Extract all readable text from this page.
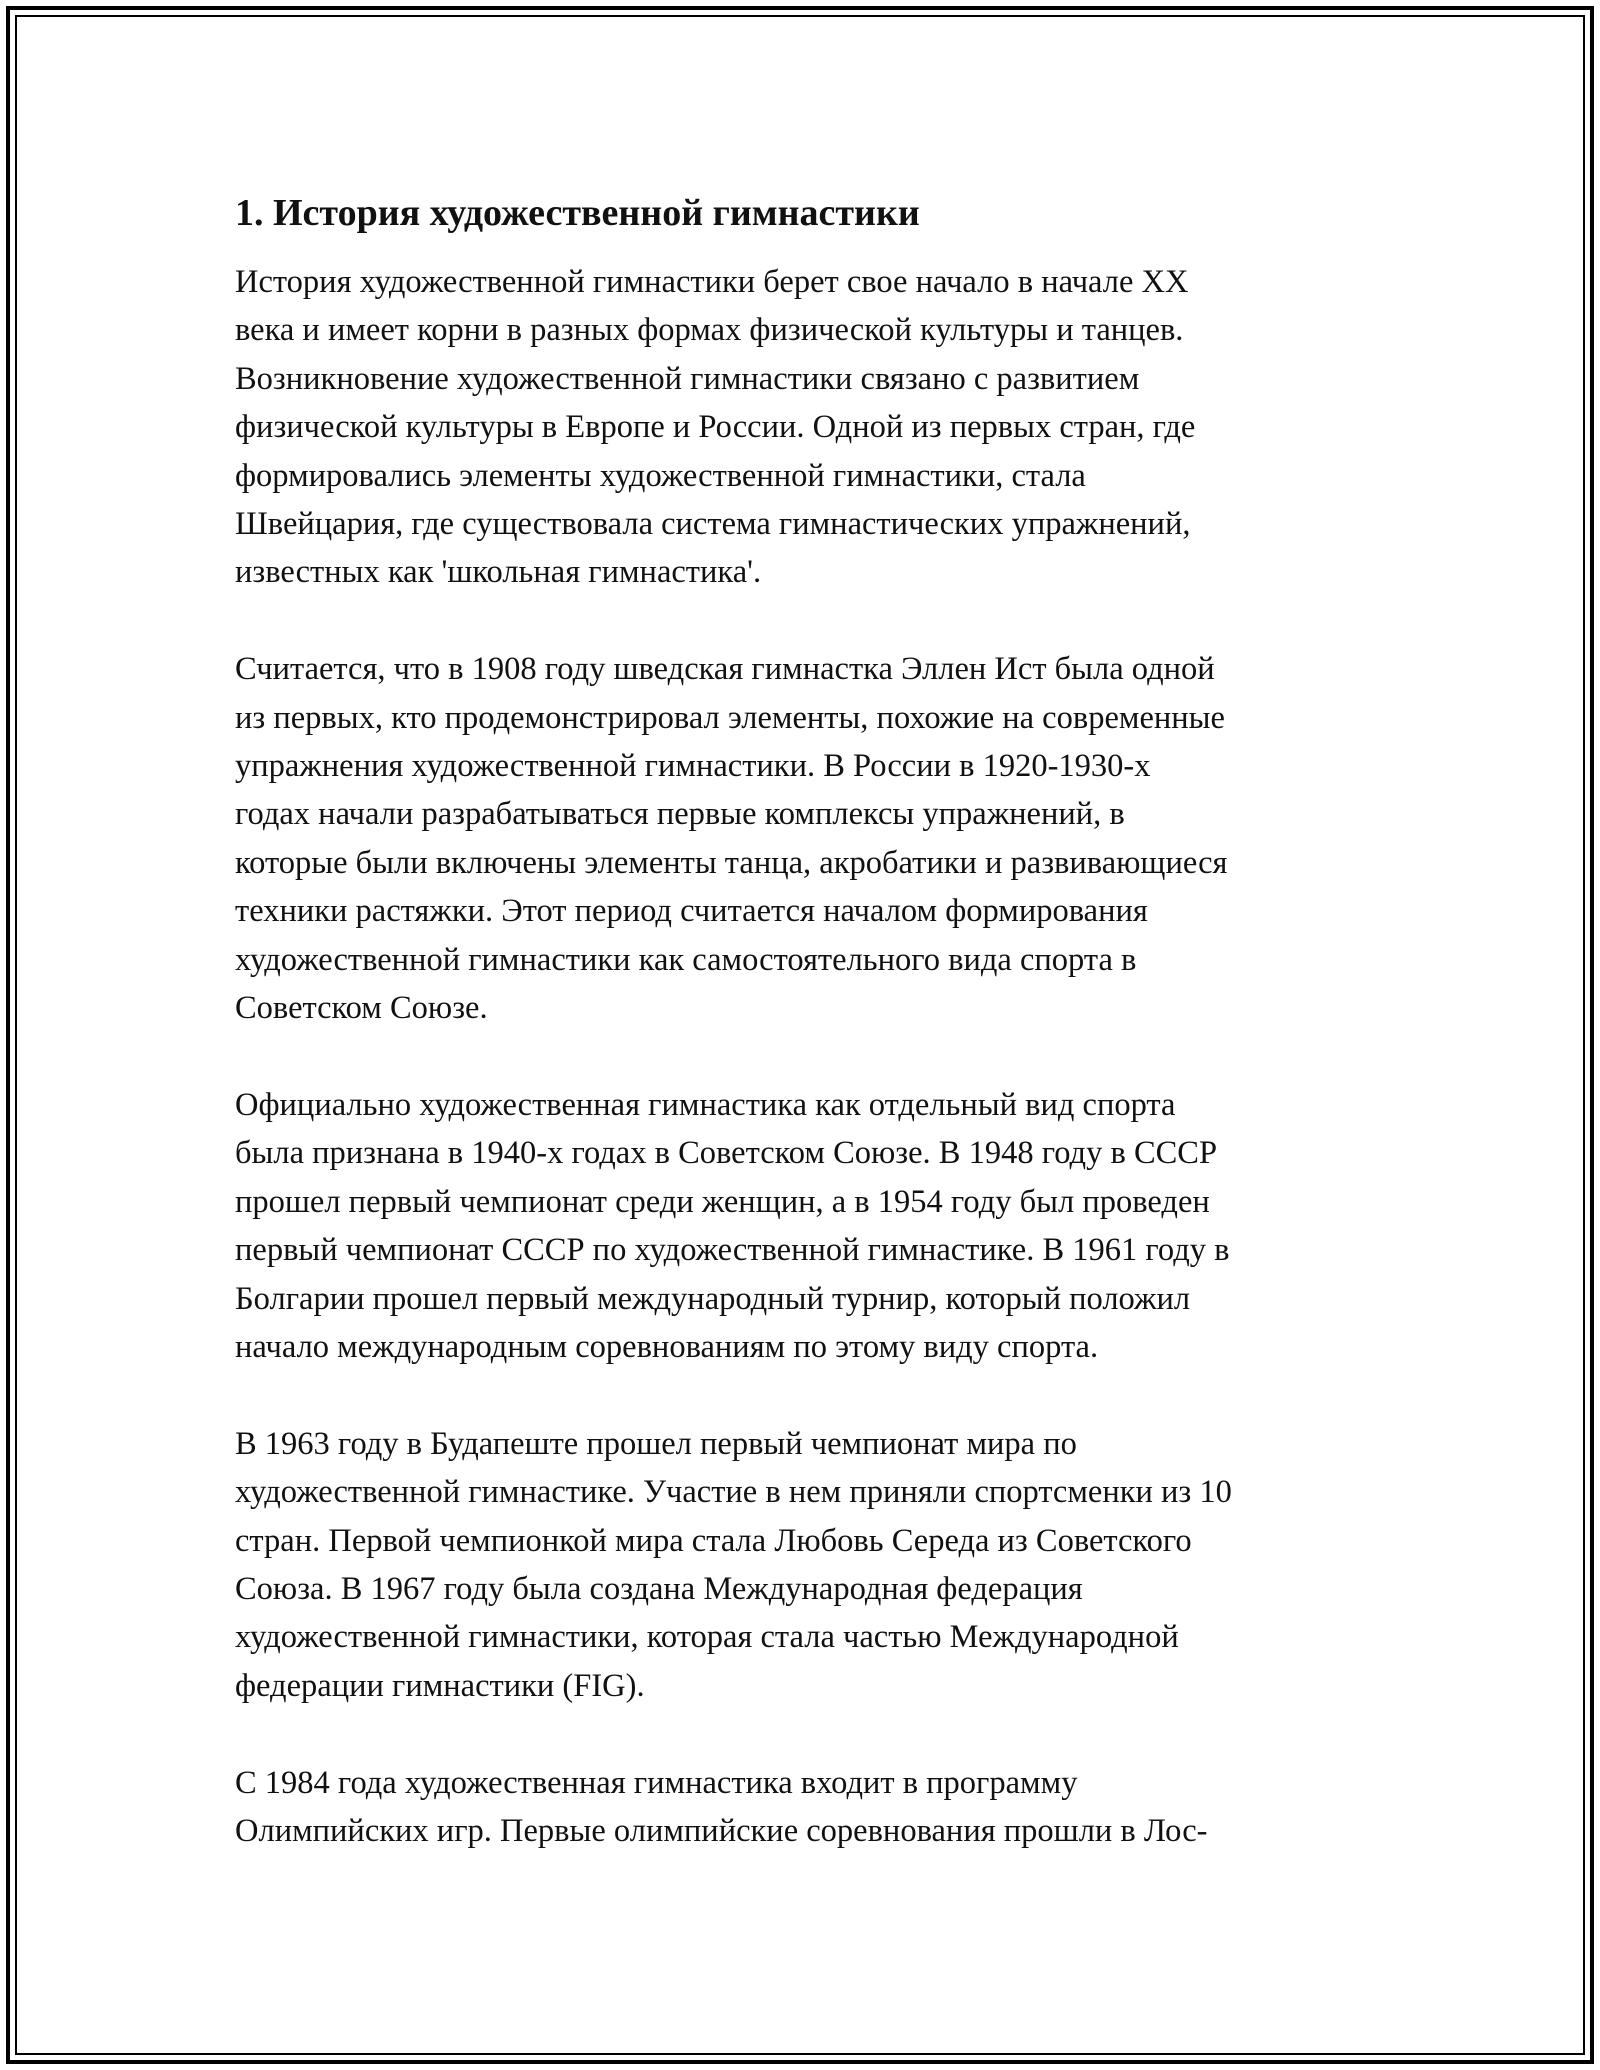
1. История художественной гимнастики

История художественной гимнастики берет свое начало в начале XX
века и имеет корни в разных формах физической культуры и танцев.
Возникновение художественной гимнастики связано с развитием
физической культуры в Европе и России. Одной из первых стран, где
формировались элементы художественной гимнастики, стала
Швейцария, где существовала система гимнастических упражнений,
известных как 'школьная гимнастика'.

Считается, что в 1908 году шведская гимнастка Эллен Ист была одной
из первых, кто продемонстрировал элементы, похожие на современные
упражнения художественной гимнастики. В России в 1920-1930-х
годах начали разрабатываться первые комплексы упражнений, в
которые были включены элементы танца, акробатики и развивающиеся
техники растяжки. Этот период считается началом формирования
художественной гимнастики как самостоятельного вида спорта в
Советском Союзе.

Официально художественная гимнастика как отдельный вид спорта
была признана в 1940-х годах в Советском Союзе. В 1948 году в СССР
прошел первый чемпионат среди женщин, а в 1954 году был проведен
первый чемпионат СССР по художественной гимнастике. В 1961 году в
Болгарии прошел первый международный турнир, который положил
начало международным соревнованиям по этому виду спорта.

В 1963 году в Будапеште прошел первый чемпионат мира по
художественной гимнастике. Участие в нем приняли спортсменки из 10
стран. Первой чемпионкой мира стала Любовь Середа из Советского
Союза. В 1967 году была создана Международная федерация
художественной гимнастики, которая стала частью Международной
федерации гимнастики (FIG).

С 1984 года художественная гимнастика входит в программу
Олимпийских игр. Первые олимпийские соревнования прошли в Лос-
